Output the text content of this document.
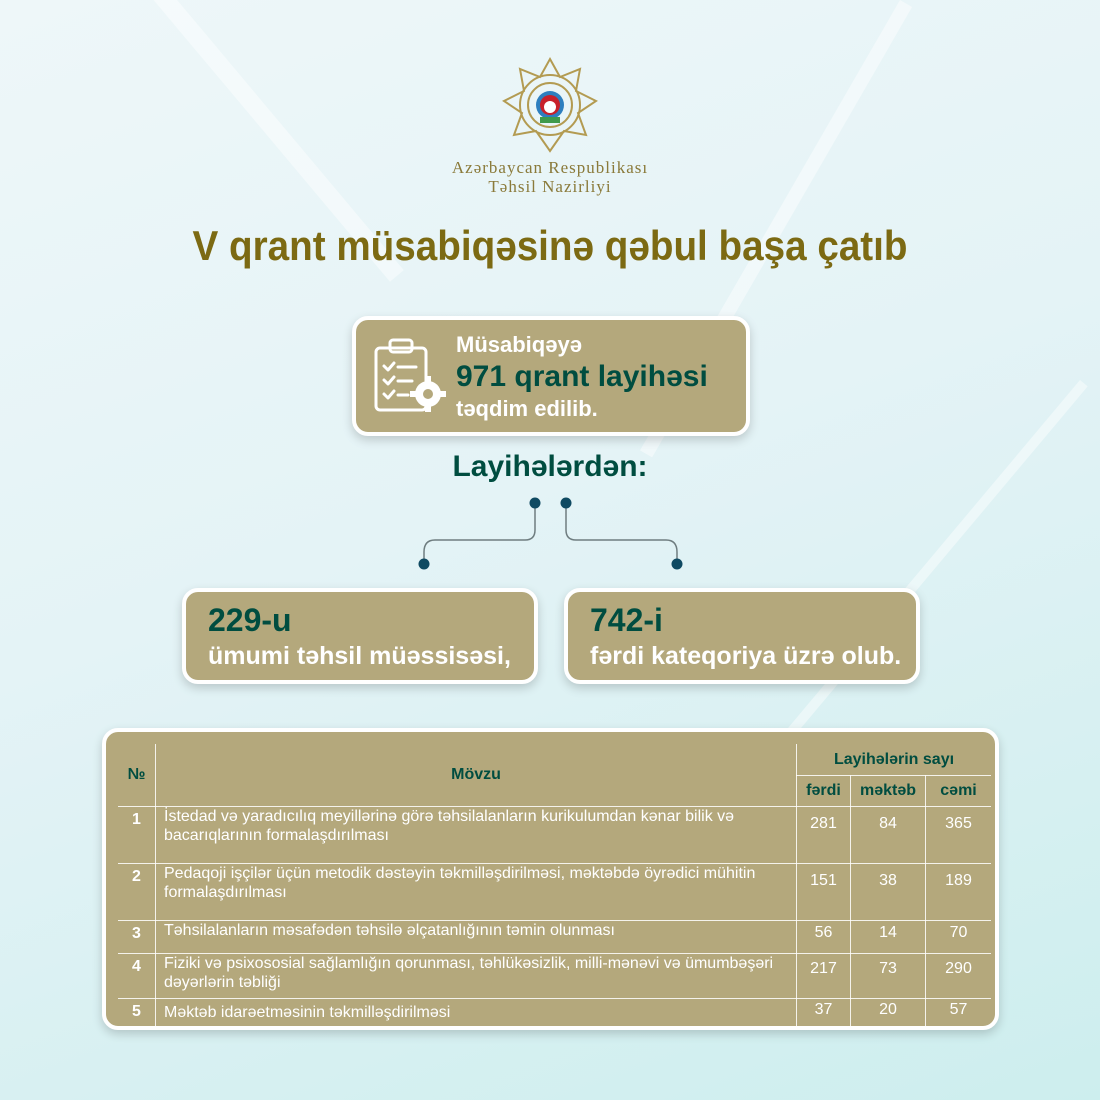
Azərbaycan Respublikası
Təhsil Nazirliyi
V qrant müsabiqəsinə qəbul başa çatıb
Müsabiqəyə
971 qrant layihəsi
təqdim edilib.
Layihələrdən:
229-u
ümumi təhsil müəssisəsi,
742-i
fərdi kateqoriya üzrə olub.
№	Mövzu	Layihələrin sayı		
		fərdi	məktəb	cəmi
1	İstedad və yaradıcılıq meyillərinə görə təhsilalanların kurikulumdan kənar bilik və bacarıqlarının formalaşdırılması	281	84	365
2	Pedaqoji işçilər üçün metodik dəstəyin təkmilləşdirilməsi, məktəbdə öyrədici mühitin formalaşdırılması	151	38	189
3	Təhsilalanların məsafədən təhsilə əlçatanlığının təmin olunması	56	14	70
4	Fiziki və psixososial sağlamlığın qorunması, təhlükəsizlik, milli-mənəvi və ümumbəşəri dəyərlərin təbliği	217	73	290
5	Məktəb idarəetməsinin təkmilləşdirilməsi	37	20	57
